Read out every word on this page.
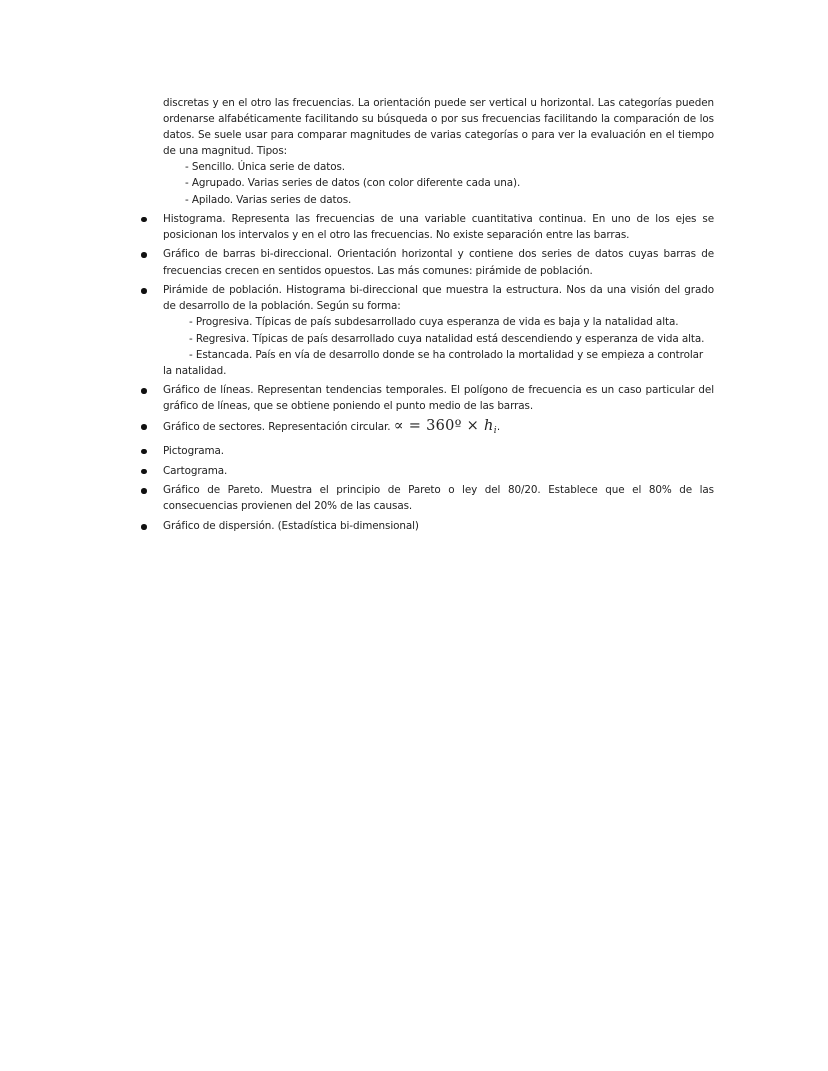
discretas y en el otro las frecuencias. La orientación puede ser vertical u horizontal. Las categorías pueden ordenarse alfabéticamente facilitando su búsqueda o por sus frecuencias facilitando la comparación de los datos. Se suele usar para comparar magnitudes de varias categorías o para ver la evaluación en el tiempo de una magnitud. Tipos:

- Sencillo. Única serie de datos.

- Agrupado. Varias series de datos (con color diferente cada una).

- Apilado. Varias series de datos.

Histograma. Representa las frecuencias de una variable cuantitativa continua. En uno de los ejes se posicionan los intervalos y en el otro las frecuencias. No existe separación entre las barras.
Gráfico de barras bi-direccional. Orientación horizontal y contiene dos series de datos cuyas barras de frecuencias crecen en sentidos opuestos. Las más comunes: pirámide de población.
Pirámide de población. Histograma bi-direccional que muestra la estructura. Nos da una visión del grado de desarrollo de la población. Según su forma:

- Progresiva. Típicas de país subdesarrollado cuya esperanza de vida es baja y la natalidad alta.

- Regresiva. Típicas de país desarrollado cuya natalidad está descendiendo y esperanza de vida alta.

- Estancada. País en vía de desarrollo donde se ha controlado la mortalidad y se empieza a controlar

la natalidad.

Gráfico de líneas. Representan tendencias temporales. El polígono de frecuencia es un caso particular del gráfico de líneas, que se obtiene poniendo el punto medio de las barras.
Gráfico de sectores. Representación circular. ∝ = 360º × $h_i$.
Pictograma.
Cartograma.
Gráfico de Pareto. Muestra el principio de Pareto o ley del 80/20. Establece que el 80% de las consecuencias provienen del 20% de las causas.
Gráfico de dispersión. (Estadística bi-dimensional)
